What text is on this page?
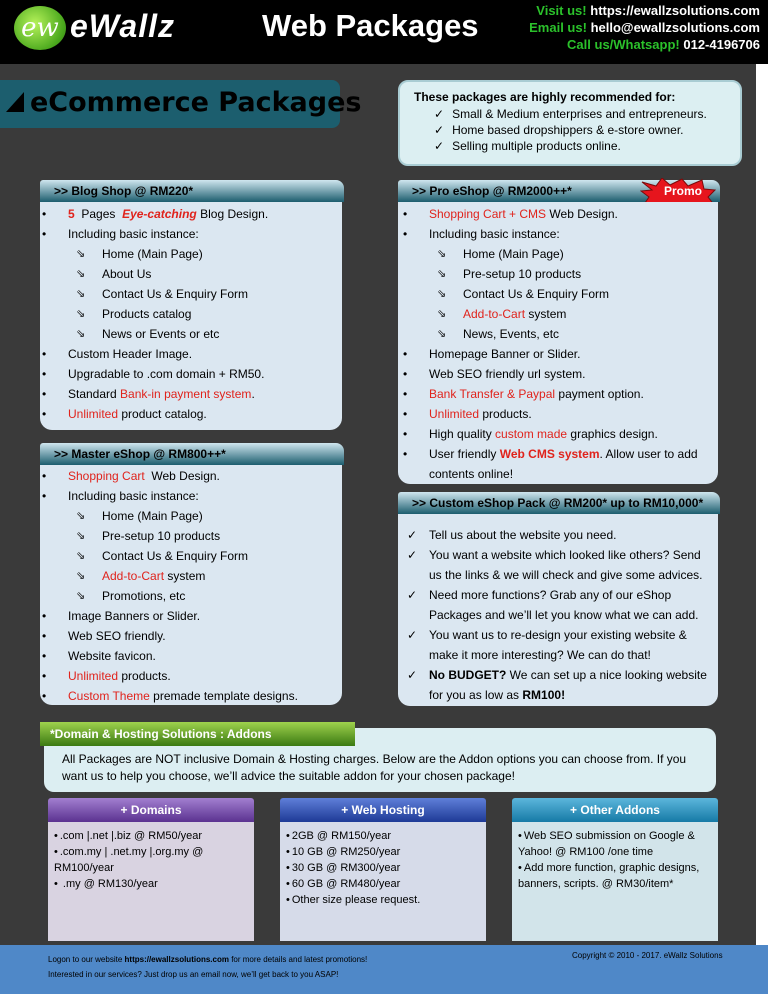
ew eWallz	Web Packages	Visit us! https://ewallzsolutions.com
Email us! hello@ewallzsolutions.com
Call us/Whatsapp! 012-4196706
eCommerce Packages	These packages are highly recommended for:
✓ Small & Medium enterprises and entrepreneurs.
✓ Home based dropshippers & e-store owner.
✓ Selling multiple products online.
>> Blog Shop @ RM220*
• 5 Pages Eye-catching Blog Design.
• Including basic instance:
⇘ Home (Main Page)
⇘ About Us
⇘ Contact Us & Enquiry Form
⇘ Products catalog
⇘ News or Events or etc
• Custom Header Image.
• Upgradable to .com domain + RM50.
• Standard Bank-in payment system.
• Unlimited product catalog.
>> Master eShop @ RM800++*
• Shopping Cart Web Design.
• Including basic instance:
⇘ Home (Main Page)
⇘ Pre-setup 10 products
⇘ Contact Us & Enquiry Form
⇘ Add-to-Cart system
⇘ Promotions, etc
• Image Banners or Slider.
• Web SEO friendly.
• Website favicon.
• Unlimited products.
• Custom Theme premade template designs.
>> Pro eShop @ RM2000++*	Promo
• Shopping Cart + CMS Web Design.
• Including basic instance:
⇘ Home (Main Page)
⇘ Pre-setup 10 products
⇘ Contact Us & Enquiry Form
⇘ Add-to-Cart system
⇘ News, Events, etc
• Homepage Banner or Slider.
• Web SEO friendly url system.
• Bank Transfer & Paypal payment option.
• Unlimited products.
• High quality custom made graphics design.
• User friendly Web CMS system. Allow user to add
contents online!
>> Custom eShop Pack @ RM200* up to RM10,000*
✓ Tell us about the website you need.
✓ You want a website which looked like others? Send
us the links & we will check and give some advices.
✓ Need more functions? Grab any of our eShop
Packages and we’ll let you know what we can add.
✓ You want us to re-design your existing website &
make it more interesting? We can do that!
✓ No BUDGET? We can set up a nice looking website
for you as low as RM100!
*Domain & Hosting Solutions : Addons
All Packages are NOT inclusive Domain & Hosting charges. Below are the Addon options you can choose from. If you want us to help you choose, we’ll advice the suitable addon for your chosen package!
+ Domains
• .com |.net |.biz @ RM50/year
• .com.my | .net.my |.org.my @ RM100/year
• .my @ RM130/year
+ Web Hosting
• 2GB @ RM150/year
• 10 GB @ RM250/year
• 30 GB @ RM300/year
• 60 GB @ RM480/year
• Other size please request.
+ Other Addons
• Web SEO submission on Google & Yahoo! @ RM100 /one time
• Add more function, graphic designs, banners, scripts. @ RM30/item*
Logon to our website https://ewallzsolutions.com for more details and latest promotions!
Interested in our services? Just drop us an email now, we’ll get back to you ASAP!
Copyright © 2010 - 2017. eWallz Solutions
